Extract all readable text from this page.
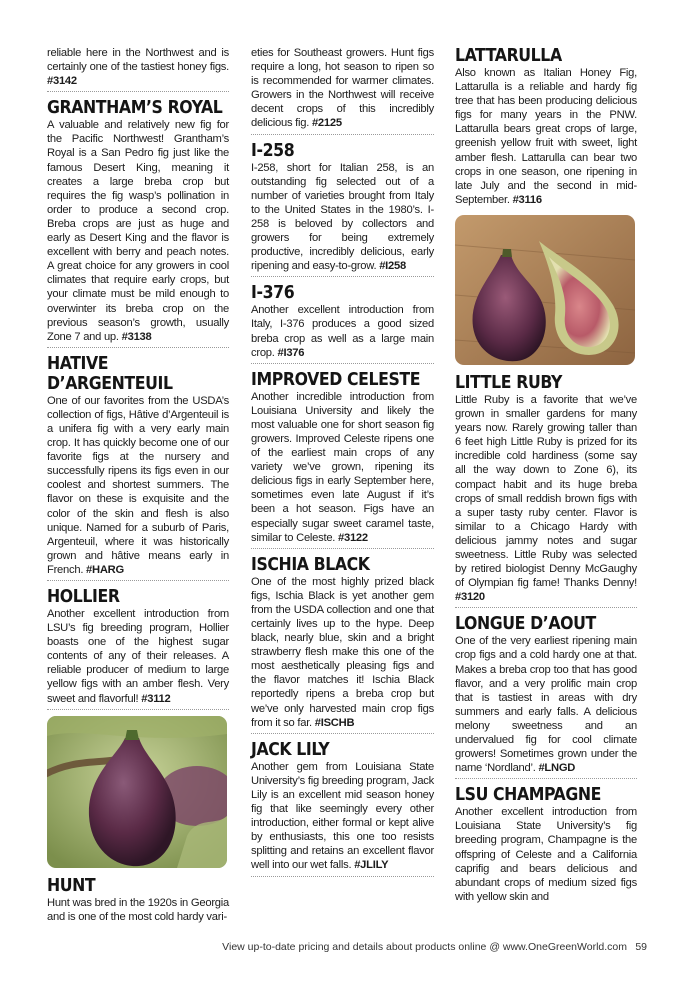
reliable here in the Northwest and is certainly one of the tastiest honey figs. #3142

GRANTHAM’S ROYAL

A valuable and relatively new fig for the Pacific Northwest! Grantham’s Royal is a San Pedro fig just like the famous Desert King, meaning it creates a large breba crop but requires the fig wasp’s pollination in order to produce a second crop. Breba crops are just as huge and early as Desert King and the flavor is excellent with berry and peach notes. A great choice for any growers in cool climates that require early crops, but your climate must be mild enough to overwinter its breba crop on the previous season’s growth, usually Zone 7 and up. #3138

HATIVE D’ARGENTEUIL

One of our favorites from the USDA’s collection of figs, Hâtive d’Argenteuil is a unifera fig with a very early main crop. It has quickly become one of our favorite figs at the nursery and successfully ripens its figs even in our coolest and shortest summers. The flavor on these is exquisite and the color of the skin and flesh is also unique. Named for a suburb of Paris, Argenteuil, where it was historically grown and hâtive means early in French. #HARG

HOLLIER

Another excellent introduction from LSU’s fig breeding program, Hollier boasts one of the highest sugar contents of any of their releases. A reliable producer of medium to large yellow figs with an amber flesh. Very sweet and flavorful! #3112

HUNT

Hunt was bred in the 1920s in Georgia and is one of the most cold hardy vari-

eties for Southeast growers. Hunt figs require a long, hot season to ripen so is recommended for warmer climates. Growers in the Northwest will receive decent crops of this incredibly delicious fig. #2125

I-258

I-258, short for Italian 258, is an outstanding fig selected out of a number of varieties brought from Italy to the United States in the 1980’s. I-258 is beloved by collectors and growers for being extremely productive, incredibly delicious, early ripening and easy-to-grow. #I258

I-376

Another excellent introduction from Italy, I-376 produces a good sized breba crop as well as a large main crop. #I376

IMPROVED CELESTE

Another incredible introduction from Louisiana University and likely the most valuable one for short season fig growers. Improved Celeste ripens one of the earliest main crops of any variety we’ve grown, ripening its delicious figs in early September here, sometimes even late August if it’s been a hot season. Figs have an especially sugar sweet caramel taste, similar to Celeste. #3122

ISCHIA BLACK

One of the most highly prized black figs, Ischia Black is yet another gem from the USDA collection and one that certainly lives up to the hype. Deep black, nearly blue, skin and a bright strawberry flesh make this one of the most aesthetically pleasing figs and the flavor matches it! Ischia Black reportedly ripens a breba crop but we’ve only harvested main crop figs from it so far. #ISCHB

JACK LILY

Another gem from Louisiana State University’s fig breeding program, Jack Lily is an excellent mid season honey fig that like seemingly every other introduction, either formal or kept alive by enthusiasts, this one too resists splitting and retains an excellent flavor well into our wet falls. #JLILY

LATTARULLA

Also known as Italian Honey Fig, Lattarulla is a reliable and hardy fig tree that has been producing delicious figs for many years in the PNW. Lattarulla bears great crops of large, greenish yellow fruit with sweet, light amber flesh. Lattarulla can bear two crops in one season, one ripening in late July and the second in mid-September. #3116

LITTLE RUBY

Little Ruby is a favorite that we’ve grown in smaller gardens for many years now. Rarely growing taller than 6 feet high Little Ruby is prized for its incredible cold hardiness (some say all the way down to Zone 6), its compact habit and its huge breba crops of small reddish brown figs with a super tasty ruby center. Flavor is similar to a Chicago Hardy with delicious jammy notes and sugar sweetness. Little Ruby was selected by retired biologist Denny McGaughy of Olympian fig fame! Thanks Denny! #3120

LONGUE D’AOUT

One of the very earliest ripening main crop figs and a cold hardy one at that. Makes a breba crop too that has good flavor, and a very prolific main crop that is tastiest in areas with dry summers and early falls. A delicious melony sweetness and an undervalued fig for cool climate growers! Sometimes grown under the name ‘Nordland’. #LNGD

LSU CHAMPAGNE

Another excellent introduction from Louisiana State University’s fig breeding program, Champagne is the offspring of Celeste and a California caprifig and bears delicious and abundant crops of medium sized figs with yellow skin and

View up-to-date pricing and details about products online @ www.OneGreenWorld.com 59
